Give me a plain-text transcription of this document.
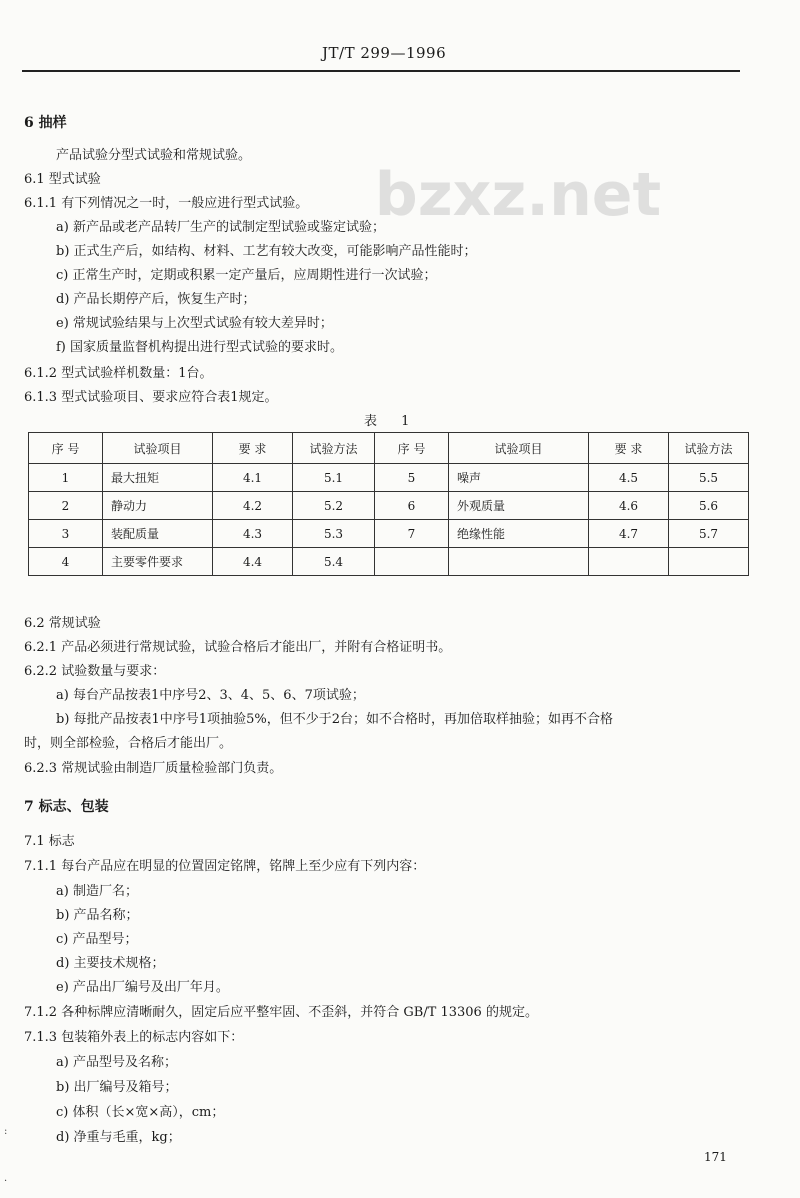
JT/T 299—1996
bzxz.net
6 抽样
产品试验分型式试验和常规试验。
6.1 型式试验
6.1.1 有下列情况之一时，一般应进行型式试验。
a) 新产品或老产品转厂生产的试制定型试验或鉴定试验；
b) 正式生产后，如结构、材料、工艺有较大改变，可能影响产品性能时；
c) 正常生产时，定期或积累一定产量后，应周期性进行一次试验；
d) 产品长期停产后，恢复生产时；
e) 常规试验结果与上次型式试验有较大差异时；
f) 国家质量监督机构提出进行型式试验的要求时。
6.1.2 型式试验样机数量：1台。
6.1.3 型式试验项目、要求应符合表1规定。
6.2 常规试验
6.2.1 产品必须进行常规试验，试验合格后才能出厂，并附有合格证明书。
6.2.2 试验数量与要求：
a) 每台产品按表1中序号2、3、4、5、6、7项试验；
b) 每批产品按表1中序号1项抽验5%，但不少于2台；如不合格时，再加倍取样抽验；如再不合格
时，则全部检验，合格后才能出厂。
6.2.3 常规试验由制造厂质量检验部门负责。
7 标志、包装
7.1 标志
7.1.1 每台产品应在明显的位置固定铭牌，铭牌上至少应有下列内容：
a) 制造厂名；
b) 产品名称；
c) 产品型号；
d) 主要技术规格；
e) 产品出厂编号及出厂年月。
7.1.2 各种标牌应清晰耐久，固定后应平整牢固、不歪斜，并符合 GB/T 13306 的规定。
7.1.3 包装箱外表上的标志内容如下：
a) 产品型号及名称；
b) 出厂编号及箱号；
c) 体积（长×宽×高），cm；
d) 净重与毛重，kg；
表 1
序 号	试验项目	要 求	试验方法	序 号	试验项目	要 求	试验方法
1	最大扭矩	4.1	5.1	5	噪声	4.5	5.5
2	静动力	4.2	5.2	6	外观质量	4.6	5.6
3	装配质量	4.3	5.3	7	绝缘性能	4.7	5.7
4	主要零件要求	4.4	5.4				
171
:
·
